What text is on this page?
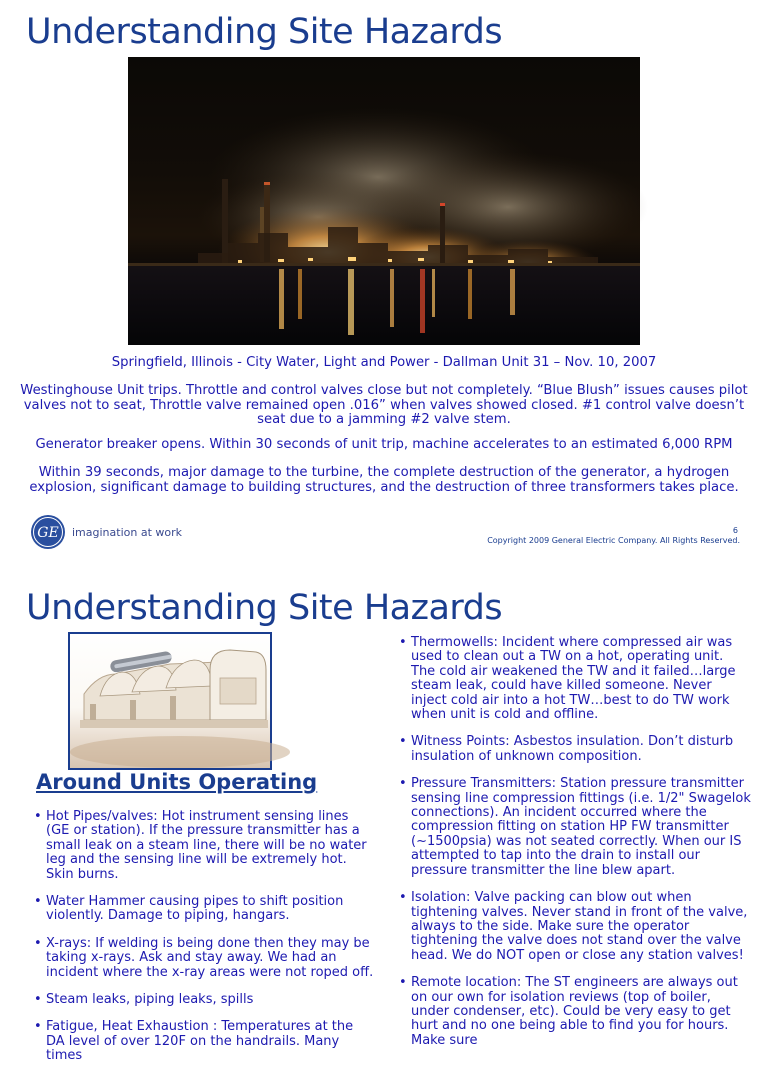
Understanding Site Hazards

Springfield, Illinois - City Water, Light and Power - Dallman Unit 31 – Nov. 10, 2007

Westinghouse Unit trips. Throttle and control valves close but not completely. “Blue Blush” issues causes pilot valves not to seat, Throttle valve remained open .016” when valves showed closed. #1 control valve doesn’t seat due to a jamming #2 valve stem.

Generator breaker opens. Within 30 seconds of unit trip, machine accelerates to an estimated 6,000 RPM

Within 39 seconds, major damage to the turbine, the complete destruction of the generator, a hydrogen explosion, significant damage to building structures, and the destruction of three transformers takes place.

GE imagination at work	6
Copyright 2009 General Electric Company. All Rights Reserved.
Understanding Site Hazards
Around Units Operating
• Hot Pipes/valves: Hot instrument sensing lines (GE or station). If the pressure transmitter has a small leak on a steam line, there will be no water leg and the sensing line will be extremely hot. Skin burns.
• Water Hammer causing pipes to shift position violently. Damage to piping, hangars.
• X-rays: If welding is being done then they may be taking x-rays. Ask and stay away. We had an incident where the x-ray areas were not roped off.
• Steam leaks, piping leaks, spills
• Fatigue, Heat Exhaustion : Temperatures at the DA level of over 120F on the handrails. Many times
• Thermowells: Incident where compressed air was used to clean out a TW on a hot, operating unit. The cold air weakened the TW and it failed…large steam leak, could have killed someone. Never inject cold air into a hot TW…best to do TW work when unit is cold and offline.
• Witness Points: Asbestos insulation. Don’t disturb insulation of unknown composition.
• Pressure Transmitters: Station pressure transmitter sensing line compression fittings (i.e. 1/2" Swagelok connections). An incident occurred where the compression fitting on station HP FW transmitter (~1500psia) was not seated correctly. When our IS attempted to tap into the drain to install our pressure transmitter the line blew apart.
• Isolation: Valve packing can blow out when tightening valves. Never stand in front of the valve, always to the side. Make sure the operator tightening the valve does not stand over the valve head. We do NOT open or close any station valves!
• Remote location: The ST engineers are always out on our own for isolation reviews (top of boiler, under condenser, etc). Could be very easy to get hurt and no one being able to find you for hours. Make sure
